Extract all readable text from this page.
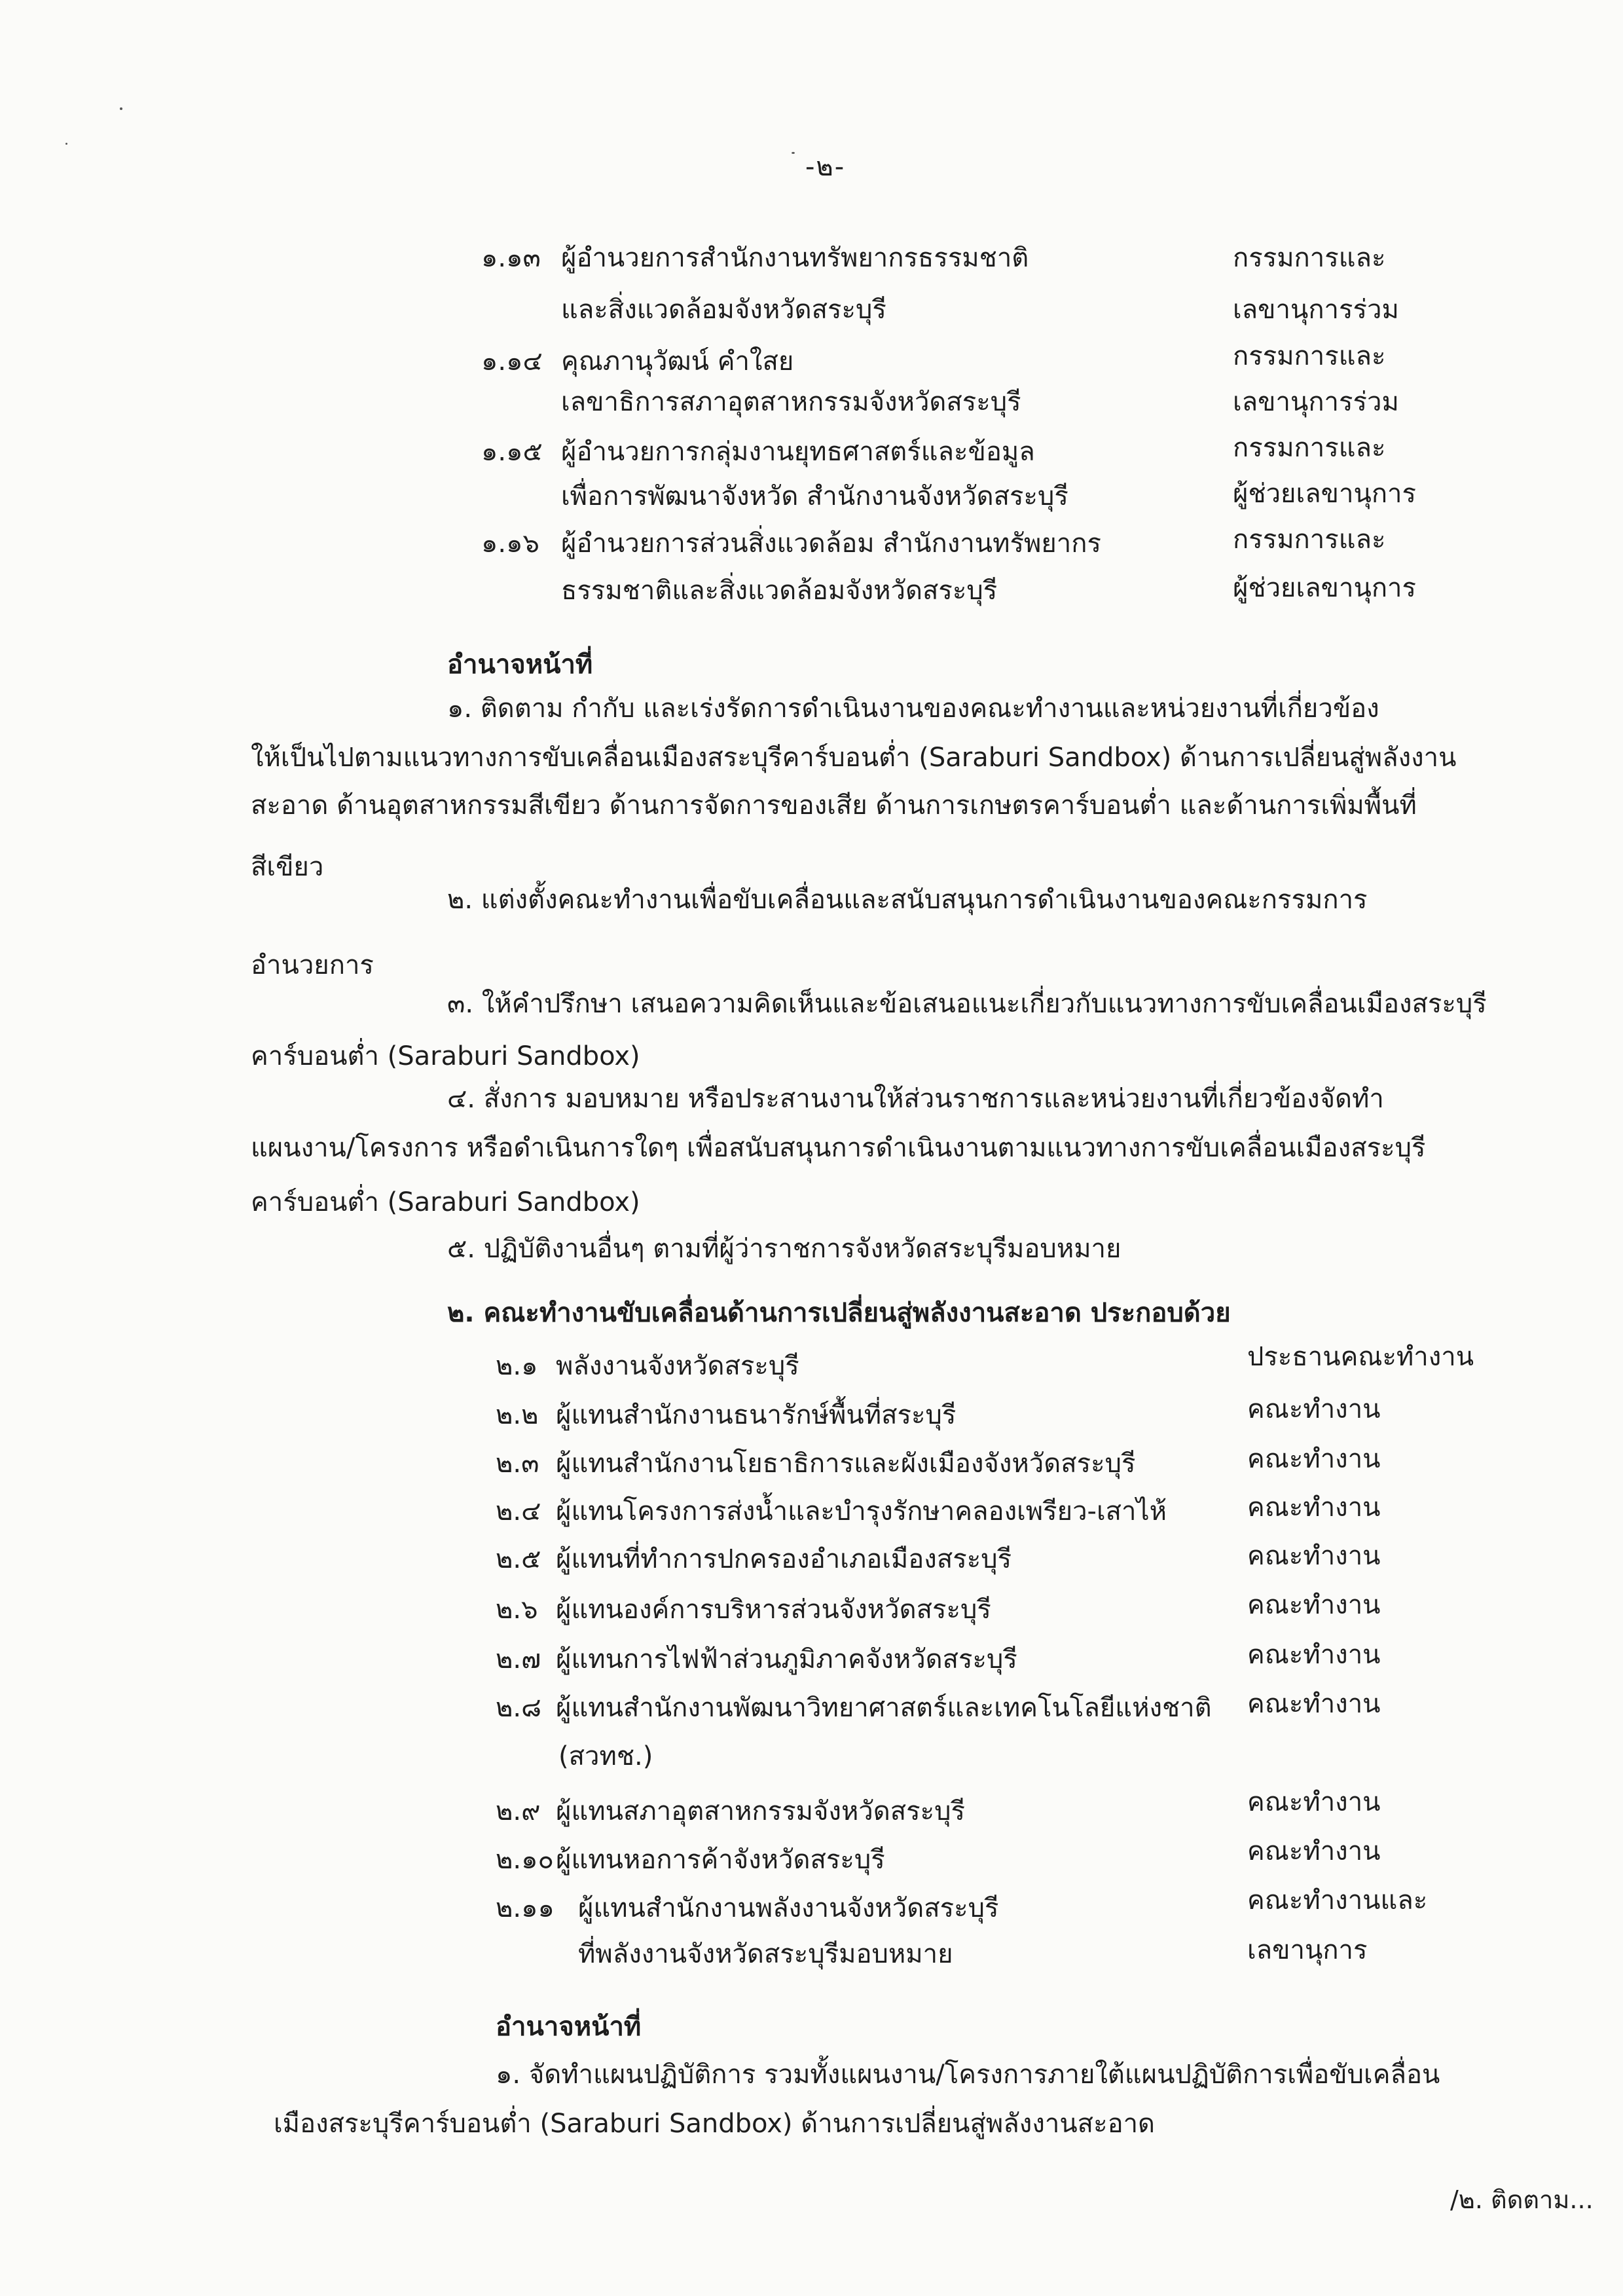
-๒-
๑.๑๓ ผู้อำนวยการสำนักงานทรัพยากรธรรมชาติ	กรรมการและ
และสิ่งแวดล้อมจังหวัดสระบุรี	เลขานุการร่วม
๑.๑๔ คุณภานุวัฒน์ คำใสย	กรรมการและ
เลขาธิการสภาอุตสาหกรรมจังหวัดสระบุรี	เลขานุการร่วม
๑.๑๕ ผู้อำนวยการกลุ่มงานยุทธศาสตร์และข้อมูล	กรรมการและ
เพื่อการพัฒนาจังหวัด สำนักงานจังหวัดสระบุรี	ผู้ช่วยเลขานุการ
๑.๑๖ ผู้อำนวยการส่วนสิ่งแวดล้อม สำนักงานทรัพยากร	กรรมการและ
ธรรมชาติและสิ่งแวดล้อมจังหวัดสระบุรี	ผู้ช่วยเลขานุการ
อำนาจหน้าที่
๑. ติดตาม กำกับ และเร่งรัดการดำเนินงานของคณะทำงานและหน่วยงานที่เกี่ยวข้อง
ให้เป็นไปตามแนวทางการขับเคลื่อนเมืองสระบุรีคาร์บอนต่ำ (Saraburi Sandbox) ด้านการเปลี่ยนสู่พลังงาน
สะอาด ด้านอุตสาหกรรมสีเขียว ด้านการจัดการของเสีย ด้านการเกษตรคาร์บอนต่ำ และด้านการเพิ่มพื้นที่
สีเขียว
๒. แต่งตั้งคณะทำงานเพื่อขับเคลื่อนและสนับสนุนการดำเนินงานของคณะกรรมการ
อำนวยการ
๓. ให้คำปรึกษา เสนอความคิดเห็นและข้อเสนอแนะเกี่ยวกับแนวทางการขับเคลื่อนเมืองสระบุรี
คาร์บอนต่ำ (Saraburi Sandbox)
๔. สั่งการ มอบหมาย หรือประสานงานให้ส่วนราชการและหน่วยงานที่เกี่ยวข้องจัดทำ
แผนงาน/โครงการ หรือดำเนินการใดๆ เพื่อสนับสนุนการดำเนินงานตามแนวทางการขับเคลื่อนเมืองสระบุรี
คาร์บอนต่ำ (Saraburi Sandbox)
๕. ปฏิบัติงานอื่นๆ ตามที่ผู้ว่าราชการจังหวัดสระบุรีมอบหมาย
๒. คณะทำงานขับเคลื่อนด้านการเปลี่ยนสู่พลังงานสะอาด ประกอบด้วย
๒.๑ พลังงานจังหวัดสระบุรี	ประธานคณะทำงาน
๒.๒ ผู้แทนสำนักงานธนารักษ์พื้นที่สระบุรี	คณะทำงาน
๒.๓ ผู้แทนสำนักงานโยธาธิการและผังเมืองจังหวัดสระบุรี	คณะทำงาน
๒.๔ ผู้แทนโครงการส่งน้ำและบำรุงรักษาคลองเพรียว-เสาไห้	คณะทำงาน
๒.๕ ผู้แทนที่ทำการปกครองอำเภอเมืองสระบุรี	คณะทำงาน
๒.๖ ผู้แทนองค์การบริหารส่วนจังหวัดสระบุรี	คณะทำงาน
๒.๗ ผู้แทนการไฟฟ้าส่วนภูมิภาคจังหวัดสระบุรี	คณะทำงาน
๒.๘ ผู้แทนสำนักงานพัฒนาวิทยาศาสตร์และเทคโนโลยีแห่งชาติ คณะทำงาน
(สวทช.)
๒.๙ ผู้แทนสภาอุตสาหกรรมจังหวัดสระบุรี	คณะทำงาน
๒.๑๐ ผู้แทนหอการค้าจังหวัดสระบุรี	คณะทำงาน
๒.๑๑ ผู้แทนสำนักงานพลังงานจังหวัดสระบุรี	คณะทำงานและ
ที่พลังงานจังหวัดสระบุรีมอบหมาย	เลขานุการ
อำนาจหน้าที่
๑. จัดทำแผนปฏิบัติการ รวมทั้งแผนงาน/โครงการภายใต้แผนปฏิบัติการเพื่อขับเคลื่อน
เมืองสระบุรีคาร์บอนต่ำ (Saraburi Sandbox) ด้านการเปลี่ยนสู่พลังงานสะอาด
/๒. ติดตาม...
